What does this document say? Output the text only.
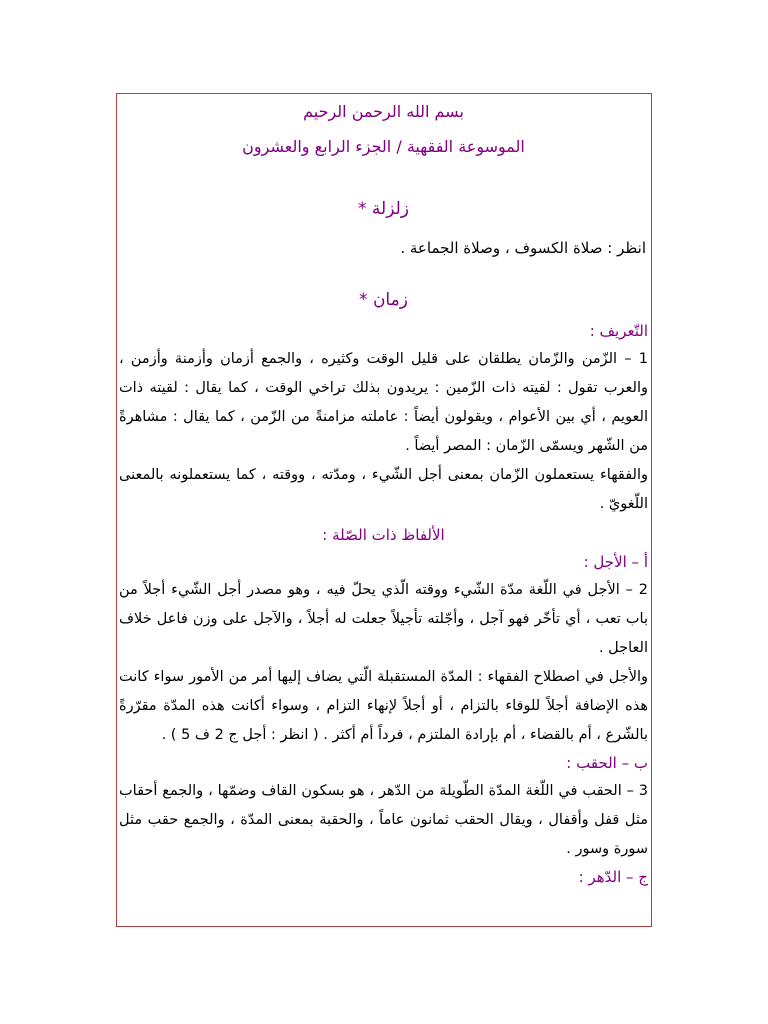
بسم الله الرحمن الرحيم
الموسوعة الفقهية / الجزء الرابع والعشرون
زلزلة *
انظر : صلاة الكسوف ، وصلاة الجماعة .
زمان *
التّعريف :

1 – الزّمن والزّمان يطلقان على قليل الوقت وكثيره ، والجمع أزمان وأزمنة وأزمن ، والعرب تقول : لقيته ذات الزّمين : يريدون بذلك تراخي الوقت ، كما يقال : لقيته ذات العويم ، أي بين الأعوام ، ويقولون أيضاً : عاملته مزامنةً من الزّمن ، كما يقال : مشاهرةً من الشّهر ويسمّى الزّمان : المصر أيضاً .

والفقهاء يستعملون الزّمان بمعنى أجل الشّيء ، ومدّته ، ووقته ، كما يستعملونه بالمعنى اللّغويّ .

الألفاظ ذات الصّلة :
أ – الأجل :

2 – الأجل في اللّغة مدّة الشّيء ووقته الّذي يحلّ فيه ، وهو مصدر أجل الشّيء أجلاً من باب تعب ، أي تأخّر فهو آجل ، وأجّلته تأجيلاً جعلت له أجلاً ، والآجل على وزن فاعل خلاف العاجل .

والأجل في اصطلاح الفقهاء : المدّة المستقبلة الّتي يضاف إليها أمر من الأمور سواء كانت هذه الإضافة أجلاً للوفاء بالتزام ، أو أجلاً لإنهاء التزام ، وسواء أكانت هذه المدّة مقرّرةً بالشّرع ، أم بالقضاء ، أم بإرادة الملتزم ، فرداً أم أكثر . ( انظر : أجل ج 2 ف 5 ) .

ب – الحقب :

3 – الحقب في اللّغة المدّة الطّويلة من الدّهر ، هو بسكون القاف وضمّها ، والجمع أحقاب مثل قفل وأقفال ، ويقال الحقب ثمانون عاماً ، والحقبة بمعنى المدّة ، والجمع حقب مثل سورة وسور .

ج – الدّهر :
